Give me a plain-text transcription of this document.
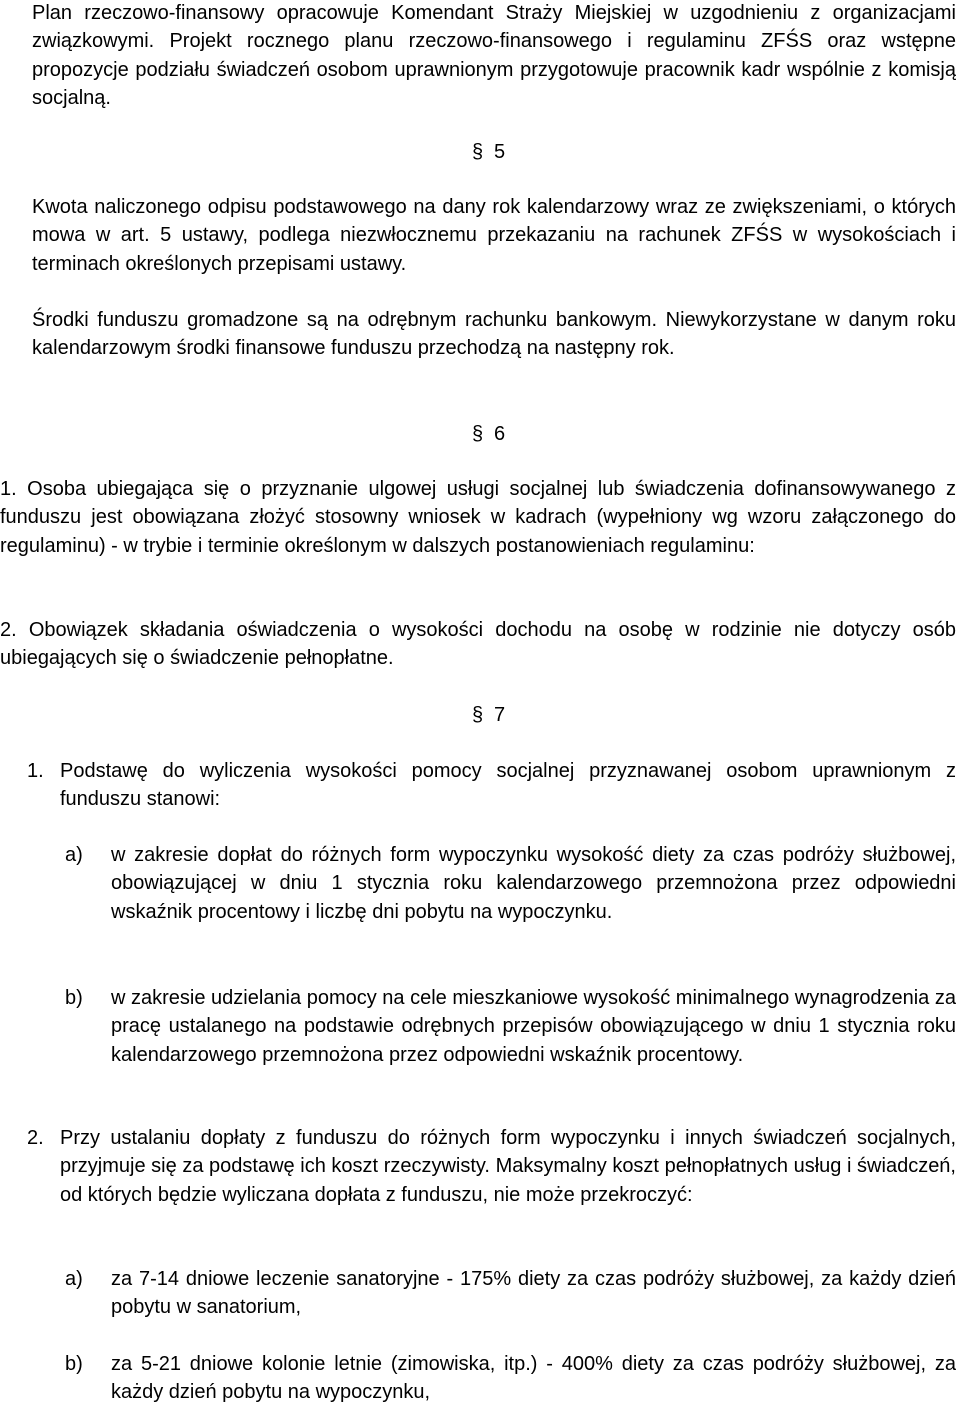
Plan rzeczowo-finansowy opracowuje Komendant Straży Miejskiej w uzgodnieniu z organizacjami związkowymi. Projekt rocznego planu rzeczowo-finansowego i regulaminu ZFŚS oraz wstępne propozycje podziału świadczeń osobom uprawnionym przygotowuje pracownik kadr wspólnie z komisją socjalną.

§ 5

Kwota naliczonego odpisu podstawowego na dany rok kalendarzowy wraz ze zwiększeniami, o których mowa w art. 5 ustawy, podlega niezwłocznemu przekazaniu na rachunek ZFŚS w wysokościach i terminach określonych przepisami ustawy.

Środki funduszu gromadzone są na odrębnym rachunku bankowym. Niewykorzystane w danym roku kalendarzowym środki finansowe funduszu przechodzą na następny rok.

§ 6
1. Osoba ubiegająca się o przyznanie ulgowej usługi socjalnej lub świadczenia dofinansowywanego z funduszu jest obowiązana złożyć stosowny wniosek w kadrach (wypełniony wg wzoru załączonego do regulaminu) - w trybie i terminie określonym w dalszych postanowieniach regulaminu:
2. Obowiązek składania oświadczenia o wysokości dochodu na osobę w rodzinie nie dotyczy osób ubiegających się o świadczenie pełnopłatne.
§ 7
1. Podstawę do wyliczenia wysokości pomocy socjalnej przyznawanej osobom uprawnionym z funduszu stanowi:
a) w zakresie dopłat do różnych form wypoczynku wysokość diety za czas podróży służbowej, obowiązującej w dniu 1 stycznia roku kalendarzowego przemnożona przez odpowiedni wskaźnik procentowy i liczbę dni pobytu na wypoczynku.
b) w zakresie udzielania pomocy na cele mieszkaniowe wysokość minimalnego wynagrodzenia za pracę ustalanego na podstawie odrębnych przepisów obowiązującego w dniu 1 stycznia roku kalendarzowego przemnożona przez odpowiedni wskaźnik procentowy.
2. Przy ustalaniu dopłaty z funduszu do różnych form wypoczynku i innych świadczeń socjalnych, przyjmuje się za podstawę ich koszt rzeczywisty. Maksymalny koszt pełnopłatnych usług i świadczeń, od których będzie wyliczana dopłata z funduszu, nie może przekroczyć:
a) za 7-14 dniowe leczenie sanatoryjne - 175% diety za czas podróży służbowej, za każdy dzień pobytu w sanatorium,
b) za 5-21 dniowe kolonie letnie (zimowiska, itp.) - 400% diety za czas podróży służbowej, za każdy dzień pobytu na wypoczynku,
